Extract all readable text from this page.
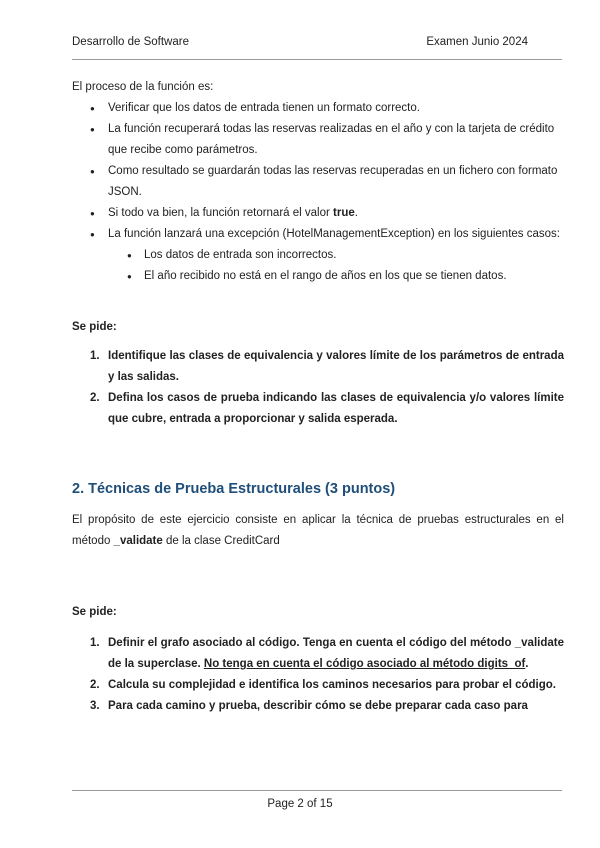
Desarrollo de Software	Examen Junio 2024

El proceso de la función es:

● Verificar que los datos de entrada tienen un formato correcto.
● La función recuperará todas las reservas realizadas en el año y con la tarjeta de crédito que recibe como parámetros.
● Como resultado se guardarán todas las reservas recuperadas en un fichero con formato JSON.
● Si todo va bien, la función retornará el valor true.
● La función lanzará una excepción (HotelManagementException) en los siguientes casos:
● Los datos de entrada son incorrectos.
● El año recibido no está en el rango de años en los que se tienen datos.

Se pide:

1. Identifique las clases de equivalencia y valores límite de los parámetros de entrada y las salidas.
2. Defina los casos de prueba indicando las clases de equivalencia y/o valores límite que cubre, entrada a proporcionar y salida esperada.

2. Técnicas de Prueba Estructurales (3 puntos)

El propósito de este ejercicio consiste en aplicar la técnica de pruebas estructurales en el método _validate de la clase CreditCard

Se pide:

1. Definir el grafo asociado al código. Tenga en cuenta el código del método _validate de la superclase. No tenga en cuenta el código asociado al método digits_of.
2. Calcula su complejidad e identifica los caminos necesarios para probar el código.
3. Para cada camino y prueba, describir cómo se debe preparar cada caso para
Page 2 of 15
